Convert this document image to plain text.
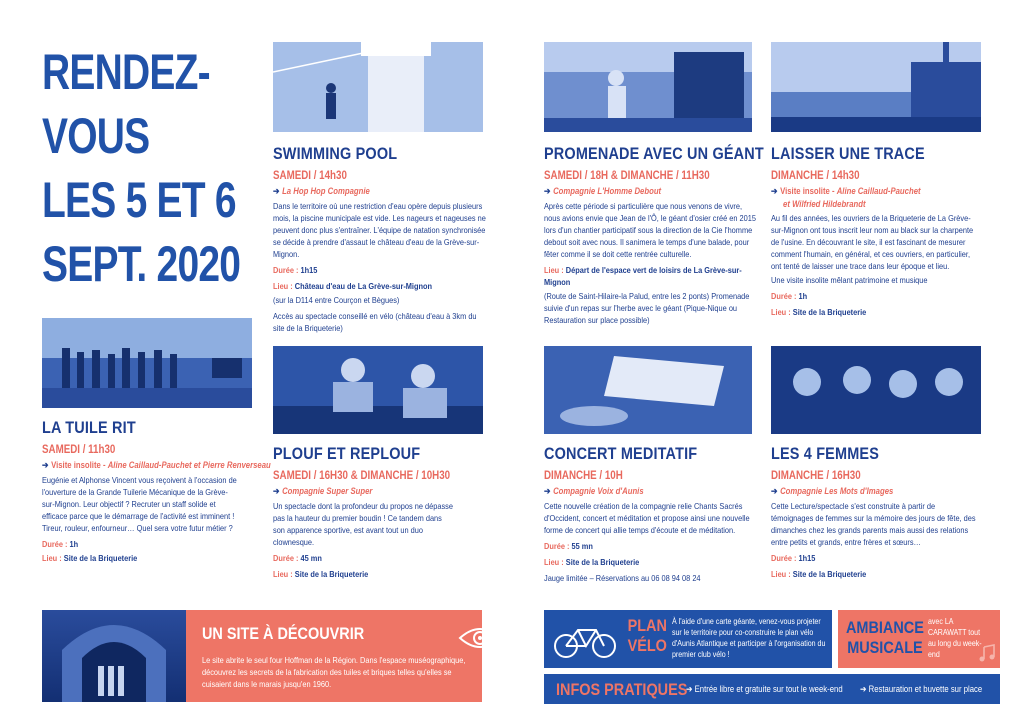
RENDEZ-
VOUS
LES 5 ET 6
SEPT. 2020
LA TUILE RIT
SAMEDI / 11h30
➔ Visite insolite - Aline Caillaud-Pauchet et Pierre Renverseau
Eugénie et Alphonse Vincent vous reçoivent à l'occasion de l'ouverture de la Grande Tuilerie Mécanique de la Grève-sur-Mignon. Leur objectif ? Recruter un staff solide et efficace parce que le démarrage de l'activité est imminent ! Tireur, rouleur, enfourneur… Quel sera votre futur métier ?
Durée : 1h
Lieu : Site de la Briqueterie
SWIMMING POOL
SAMEDI / 14h30
➔ La Hop Hop Compagnie
Dans le territoire où une restriction d'eau opère depuis plusieurs mois, la piscine municipale est vide. Les nageurs et nageuses ne peuvent donc plus s'entraîner. L'équipe de natation synchronisée se décide à prendre d'assaut le château d'eau de la Grève-sur-Mignon.
Durée : 1h15
Lieu : Château d'eau de La Grève-sur-Mignon
(sur la D114 entre Courçon et Bègues)
Accès au spectacle conseillé en vélo (château d'eau à 3km du site de la Briqueterie)
PLOUF ET REPLOUF
SAMEDI / 16H30 & DIMANCHE / 10H30
➔ Compagnie Super Super
Un spectacle dont la profondeur du propos ne dépasse pas la hauteur du premier boudin ! Ce tandem dans son apparence sportive, est avant tout un duo clownesque.
Durée : 45 mn
Lieu : Site de la Briqueterie
PROMENADE AVEC UN GÉANT
SAMEDI / 18H & DIMANCHE / 11H30
➔ Compagnie L'Homme Debout
Après cette période si particulière que nous venons de vivre, nous avions envie que Jean de l'Ô, le géant d'osier créé en 2015 lors d'un chantier participatif sous la direction de la Cie l'homme debout soit avec nous. Il sanimera le temps d'une balade, pour fêter comme il se doit cette rentrée culturelle.
Lieu : Départ de l'espace vert de loisirs de La Grève-sur-Mignon
(Route de Saint-Hilaire-la Palud, entre les 2 ponts) Promenade suivie d'un repas sur l'herbe avec le géant (Pique-Nique ou Restauration sur place possible)
CONCERT MEDITATIF
DIMANCHE / 10H
➔ Compagnie Voix d'Aunis
Cette nouvelle création de la compagnie relie Chants Sacrés d'Occident, concert et méditation et propose ainsi une nouvelle forme de concert qui allie temps d'écoute et de méditation.
Durée : 55 mn
Lieu : Site de la Briqueterie
Jauge limitée – Réservations au 06 08 94 08 24
LAISSER UNE TRACE
DIMANCHE / 14h30
➔ Visite insolite - Aline Caillaud-Pauchet
et Wilfried Hildebrandt
Au fil des années, les ouvriers de la Briqueterie de La Grève-sur-Mignon ont tous inscrit leur nom au black sur la charpente de l'usine. En découvrant le site, il est fascinant de mesurer comment l'humain, en général, et ces ouvriers, en particulier, ont tenté de laisser une trace dans leur époque et lieu.
Une visite insolite mêlant patrimoine et musique
Durée : 1h
Lieu : Site de la Briqueterie
LES 4 FEMMES
DIMANCHE / 16H30
➔ Compagnie Les Mots d'Images
Cette Lecture/spectacle s'est construite à partir de témoignages de femmes sur la mémoire des jours de fête, des dimanches chez les grands parents mais aussi des relations entre petits et grands, entre frères et sœurs…
Durée : 1h15
Lieu : Site de la Briqueterie
UN SITE À DÉCOUVRIR
Le site abrite le seul four Hoffman de la Région. Dans l'espace muséographique, découvrez les secrets de la fabrication des tuiles et briques telles qu'elles se cuisaient dans le marais jusqu'en 1960.
PLAN
VÉLO
À l'aide d'une carte géante, venez-vous projeter sur le territoire pour co-construire le plan vélo d'Aunis Atlantique et participer à l'organisation du premier club vélo !
AMBIANCE
MUSICALE
avec LA CARAWATT tout au long du week-end
INFOS PRATIQUES
➔ Entrée libre et gratuite sur tout le week-end ➔ Restauration et buvette sur place
